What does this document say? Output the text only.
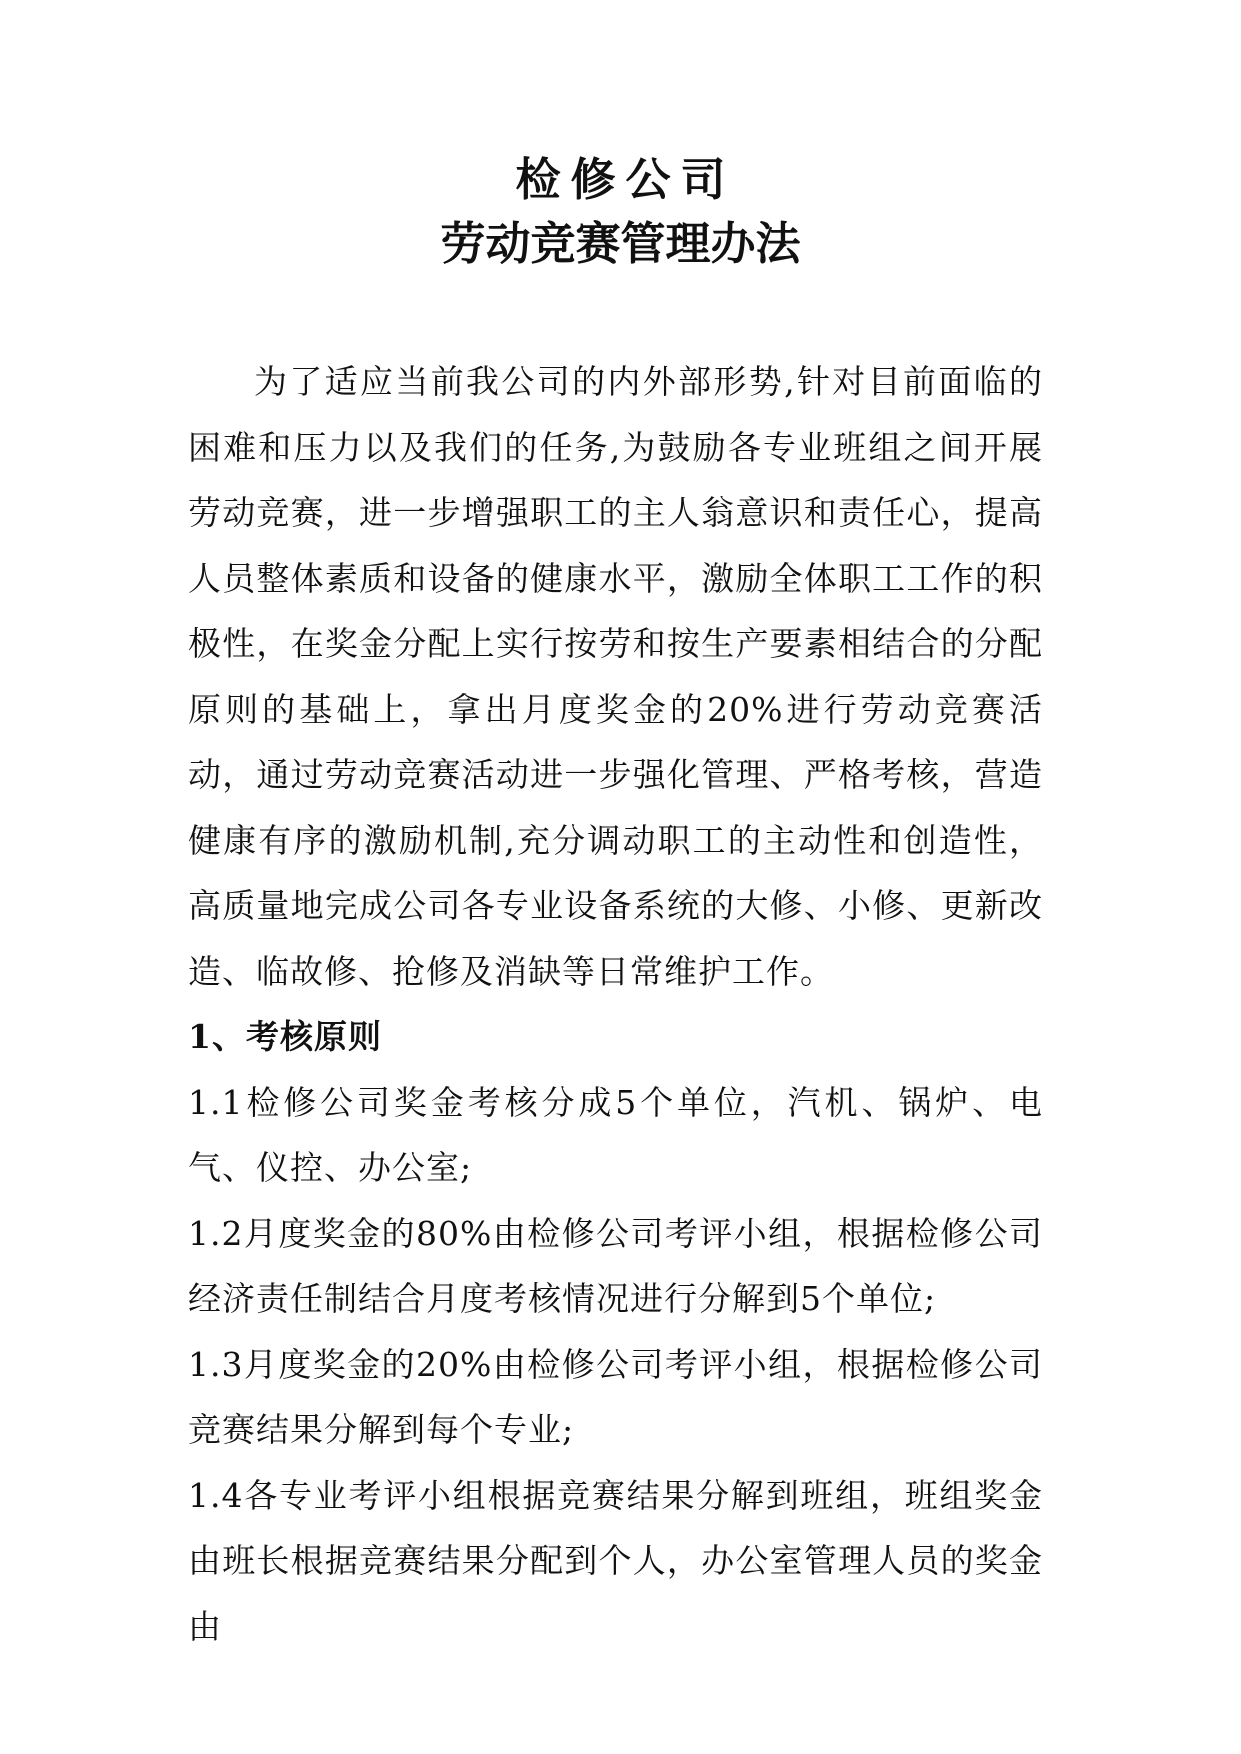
检修公司

劳动竞赛管理办法

为了适应当前我公司的内外部形势,针对目前面临的困难和压力以及我们的任务,为鼓励各专业班组之间开展劳动竞赛，进一步增强职工的主人翁意识和责任心，提高人员整体素质和设备的健康水平，激励全体职工工作的积极性，在奖金分配上实行按劳和按生产要素相结合的分配原则的基础上，拿出月度奖金的20%进行劳动竞赛活动，通过劳动竞赛活动进一步强化管理、严格考核，营造健康有序的激励机制,充分调动职工的主动性和创造性，高质量地完成公司各专业设备系统的大修、小修、更新改造、临故修、抢修及消缺等日常维护工作。

1、考核原则

1.1检修公司奖金考核分成5个单位，汽机、锅炉、电气、仪控、办公室;

1.2月度奖金的80%由检修公司考评小组，根据检修公司经济责任制结合月度考核情况进行分解到5个单位;

1.3月度奖金的20%由检修公司考评小组，根据检修公司竞赛结果分解到每个专业;

1.4各专业考评小组根据竞赛结果分解到班组，班组奖金由班长根据竞赛结果分配到个人，办公室管理人员的奖金由
